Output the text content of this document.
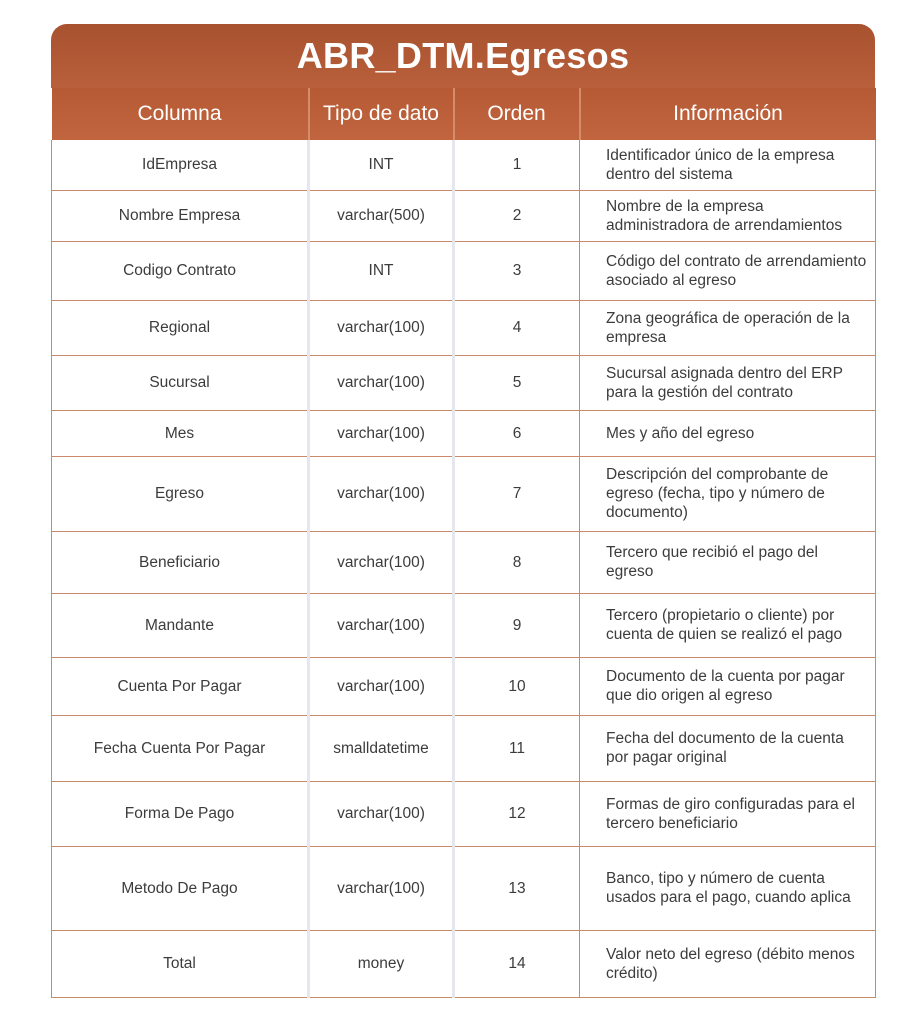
ABR_DTM.Egresos
Columna	Tipo de dato	Orden	Información
IdEmpresa	INT	1	Identificador único de la empresa dentro del sistema
Nombre Empresa	varchar(500)	2	Nombre de la empresa administradora de arrendamientos
Codigo Contrato	INT	3	Código del contrato de arrendamiento asociado al egreso
Regional	varchar(100)	4	Zona geográfica de operación de la empresa
Sucursal	varchar(100)	5	Sucursal asignada dentro del ERP para la gestión del contrato
Mes	varchar(100)	6	Mes y año del egreso
Egreso	varchar(100)	7	Descripción del comprobante de egreso (fecha, tipo y número de documento)
Beneficiario	varchar(100)	8	Tercero que recibió el pago del egreso
Mandante	varchar(100)	9	Tercero (propietario o cliente) por cuenta de quien se realizó el pago
Cuenta Por Pagar	varchar(100)	10	Documento de la cuenta por pagar que dio origen al egreso
Fecha Cuenta Por Pagar	smalldatetime	11	Fecha del documento de la cuenta por pagar original
Forma De Pago	varchar(100)	12	Formas de giro configuradas para el tercero beneficiario
Metodo De Pago	varchar(100)	13	Banco, tipo y número de cuenta usados para el pago, cuando aplica
Total	money	14	Valor neto del egreso (débito menos crédito)
